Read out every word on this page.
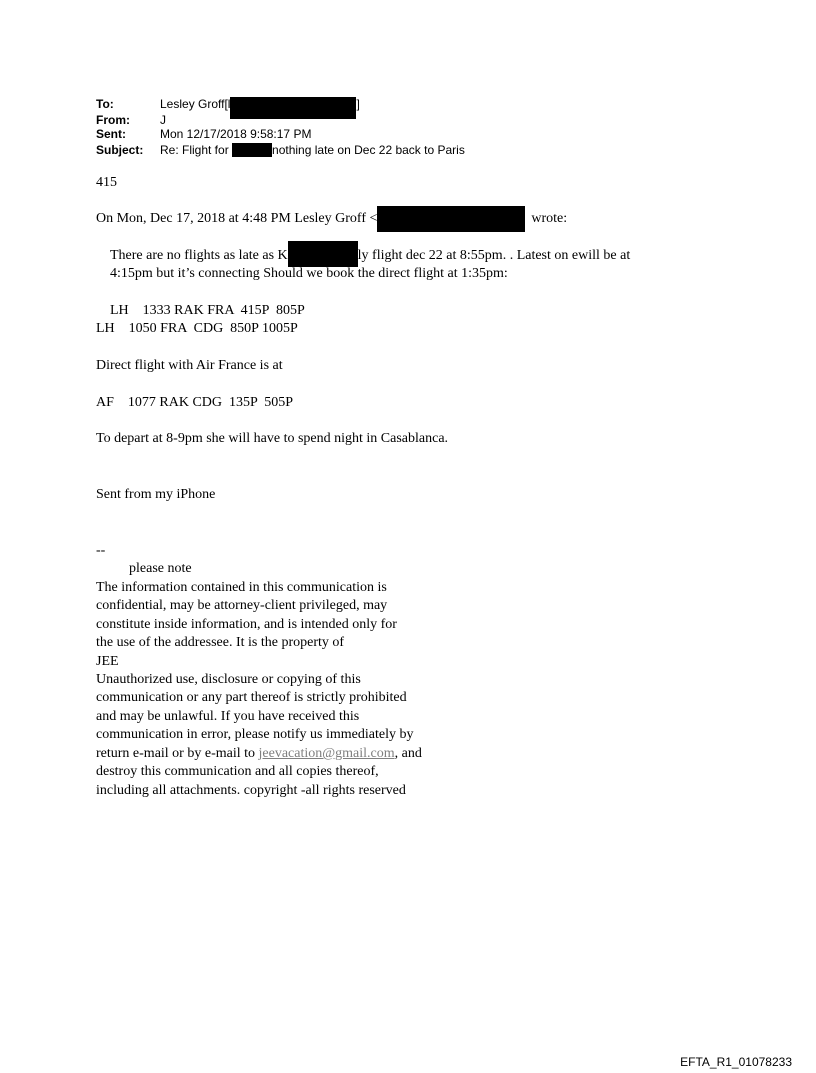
To:	Lesley Groff[l	]
From:	J
Sent:	Mon 12/17/2018 9:58:17 PM
Subject: Re: Flight for	nothing late on Dec 22 back to Paris
415
On Mon, Dec 17, 2018 at 4:48 PM Lesley Groff <	wrote:
There are no flights as late as K	ly flight dec 22 at 8:55pm. . Latest on ewill be at
4:15pm but it’s connecting Should we book the direct flight at 1:35pm:
LH    1333 RAK FRA  415P  805P
LH    1050 FRA  CDG  850P 1005P
Direct flight with Air France is at
AF    1077 RAK CDG  135P  505P
To depart at 8-9pm she will have to spend night in Casablanca.
Sent from my iPhone
--
please note
The information contained in this communication is
confidential, may be attorney-client privileged, may
constitute inside information, and is intended only for
the use of the addressee. It is the property of
JEE
Unauthorized use, disclosure or copying of this
communication or any part thereof is strictly prohibited
and may be unlawful. If you have received this
communication in error, please notify us immediately by
return e-mail or by e-mail to jeevacation@gmail.com, and
destroy this communication and all copies thereof,
including all attachments. copyright -all rights reserved
EFTA_R1_01078233
